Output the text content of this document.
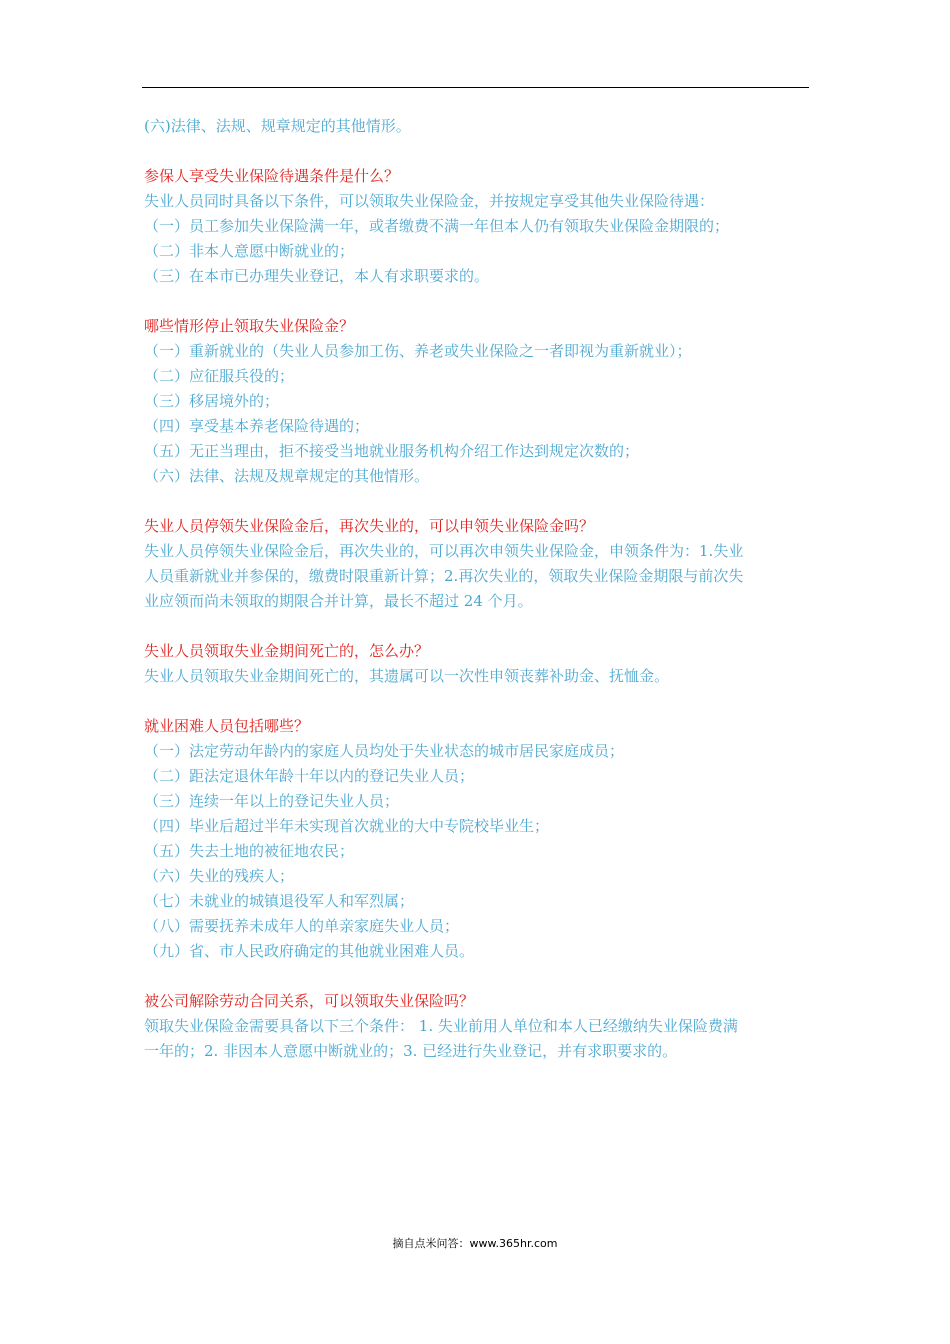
(六)法律、法规、规章规定的其他情形。
参保人享受失业保险待遇条件是什么？
失业人员同时具备以下条件，可以领取失业保险金，并按规定享受其他失业保险待遇：
（一）员工参加失业保险满一年，或者缴费不满一年但本人仍有领取失业保险金期限的；
（二）非本人意愿中断就业的；
（三）在本市已办理失业登记，本人有求职要求的。
哪些情形停止领取失业保险金？
（一）重新就业的（失业人员参加工伤、养老或失业保险之一者即视为重新就业）；
（二）应征服兵役的；
（三）移居境外的；
（四）享受基本养老保险待遇的；
（五）无正当理由，拒不接受当地就业服务机构介绍工作达到规定次数的；
（六）法律、法规及规章规定的其他情形。
失业人员停领失业保险金后，再次失业的，可以申领失业保险金吗？
失业人员停领失业保险金后，再次失业的，可以再次申领失业保险金，申领条件为：1.失业
人员重新就业并参保的，缴费时限重新计算；2.再次失业的，领取失业保险金期限与前次失
业应领而尚未领取的期限合并计算，最长不超过 24 个月。
失业人员领取失业金期间死亡的，怎么办？
失业人员领取失业金期间死亡的，其遗属可以一次性申领丧葬补助金、抚恤金。
就业困难人员包括哪些？
（一）法定劳动年龄内的家庭人员均处于失业状态的城市居民家庭成员；
（二）距法定退休年龄十年以内的登记失业人员；
（三）连续一年以上的登记失业人员；
（四）毕业后超过半年未实现首次就业的大中专院校毕业生；
（五）失去土地的被征地农民；
（六）失业的残疾人；
（七）未就业的城镇退役军人和军烈属；
（八）需要抚养未成年人的单亲家庭失业人员；
（九）省、市人民政府确定的其他就业困难人员。
被公司解除劳动合同关系，可以领取失业保险吗？
领取失业保险金需要具备以下三个条件： 1. 失业前用人单位和本人已经缴纳失业保险费满
一年的；2. 非因本人意愿中断就业的；3. 已经进行失业登记，并有求职要求的。
摘自点米问答：www.365hr.com
